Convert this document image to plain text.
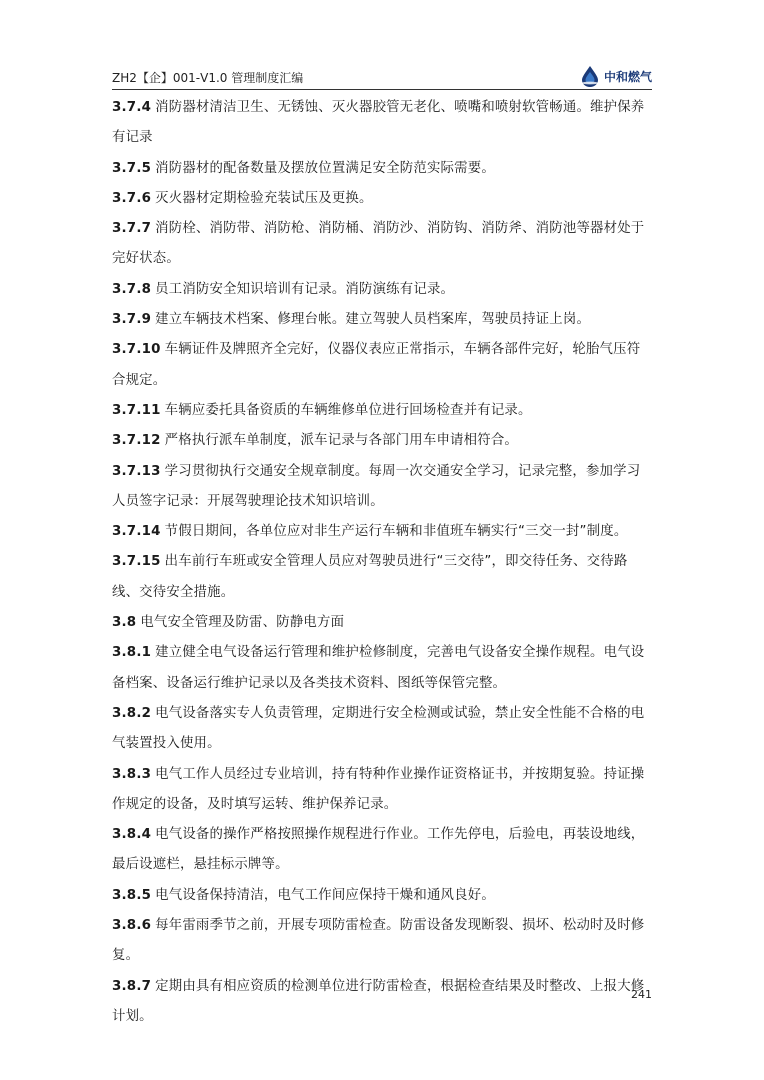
ZH2【企】001-V1.0 管理制度汇编	中和燃气

3.7.4 消防器材清洁卫生、无锈蚀、灭火器胶管无老化、喷嘴和喷射软管畅通。维护保养有记录

3.7.5 消防器材的配备数量及摆放位置满足安全防范实际需要。

3.7.6 灭火器材定期检验充装试压及更换。

3.7.7 消防栓、消防带、消防枪、消防桶、消防沙、消防钩、消防斧、消防池等器材处于完好状态。

3.7.8 员工消防安全知识培训有记录。消防演练有记录。

3.7.9 建立车辆技术档案、修理台帐。建立驾驶人员档案库，驾驶员持证上岗。

3.7.10 车辆证件及牌照齐全完好，仪器仪表应正常指示，车辆各部件完好，轮胎气压符合规定。

3.7.11 车辆应委托具备资质的车辆维修单位进行回场检查并有记录。

3.7.12 严格执行派车单制度，派车记录与各部门用车申请相符合。

3.7.13 学习贯彻执行交通安全规章制度。每周一次交通安全学习，记录完整，参加学习人员签字记录：开展驾驶理论技术知识培训。

3.7.14 节假日期间，各单位应对非生产运行车辆和非值班车辆实行“三交一封”制度。

3.7.15 出车前行车班或安全管理人员应对驾驶员进行“三交待”，即交待任务、交待路线、交待安全措施。

3.8 电气安全管理及防雷、防静电方面

3.8.1 建立健全电气设备运行管理和维护检修制度，完善电气设备安全操作规程。电气设备档案、设备运行维护记录以及各类技术资料、图纸等保管完整。

3.8.2 电气设备落实专人负责管理，定期进行安全检测或试验，禁止安全性能不合格的电气装置投入使用。

3.8.3 电气工作人员经过专业培训，持有特种作业操作证资格证书，并按期复验。持证操作规定的设备，及时填写运转、维护保养记录。

3.8.4 电气设备的操作严格按照操作规程进行作业。工作先停电，后验电，再装设地线，最后设遮栏，悬挂标示牌等。

3.8.5 电气设备保持清洁，电气工作间应保持干燥和通风良好。

3.8.6 每年雷雨季节之前，开展专项防雷检查。防雷设备发现断裂、损坏、松动时及时修复。

3.8.7 定期由具有相应资质的检测单位进行防雷检查，根据检查结果及时整改、上报大修计划。

241
